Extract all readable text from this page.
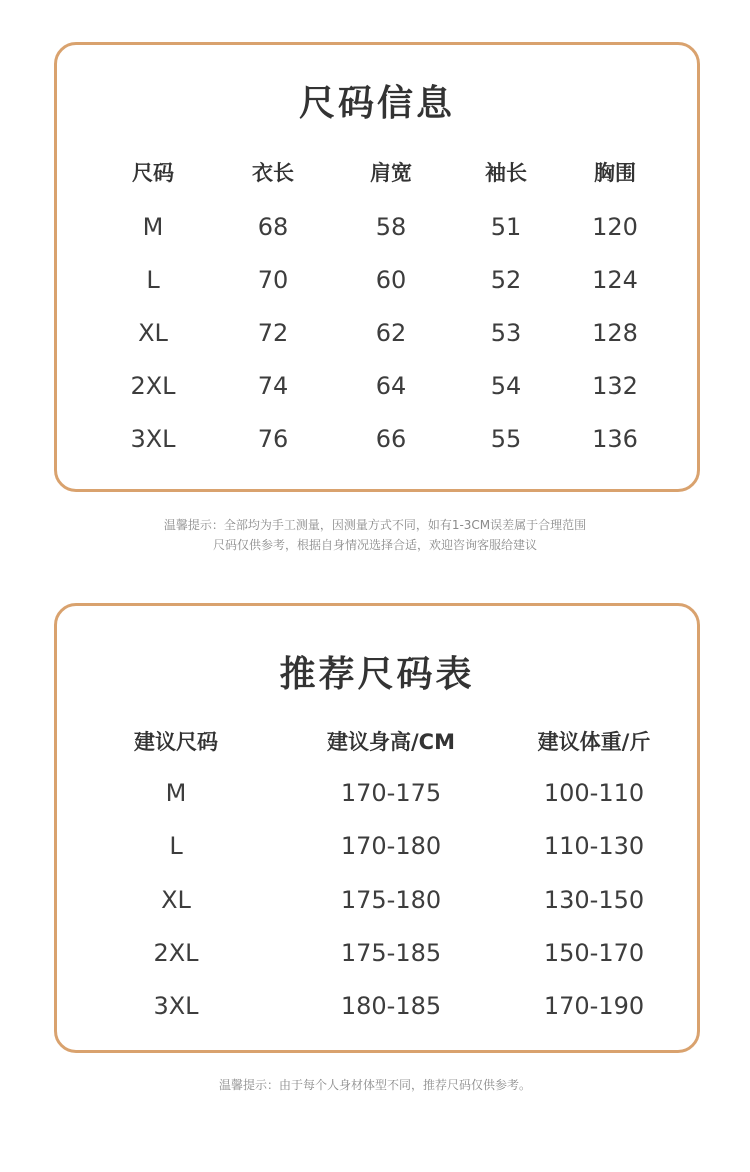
尺码信息
尺码	衣长	肩宽	袖长	胸围
M	68	58	51	120
L	70	60	52	124
XL	72	62	53	128
2XL	74	64	54	132
3XL	76	66	55	136
温馨提示：全部均为手工测量，因测量方式不同，如有1-3CM误差属于合理范围
尺码仅供参考，根据自身情况选择合适，欢迎咨询客服给建议
推荐尺码表
建议尺码	建议身高/CM	建议体重/斤
M	170-175	100-110
L	170-180	110-130
XL	175-180	130-150
2XL	175-185	150-170
3XL	180-185	170-190
温馨提示：由于每个人身材体型不同，推荐尺码仅供参考。
